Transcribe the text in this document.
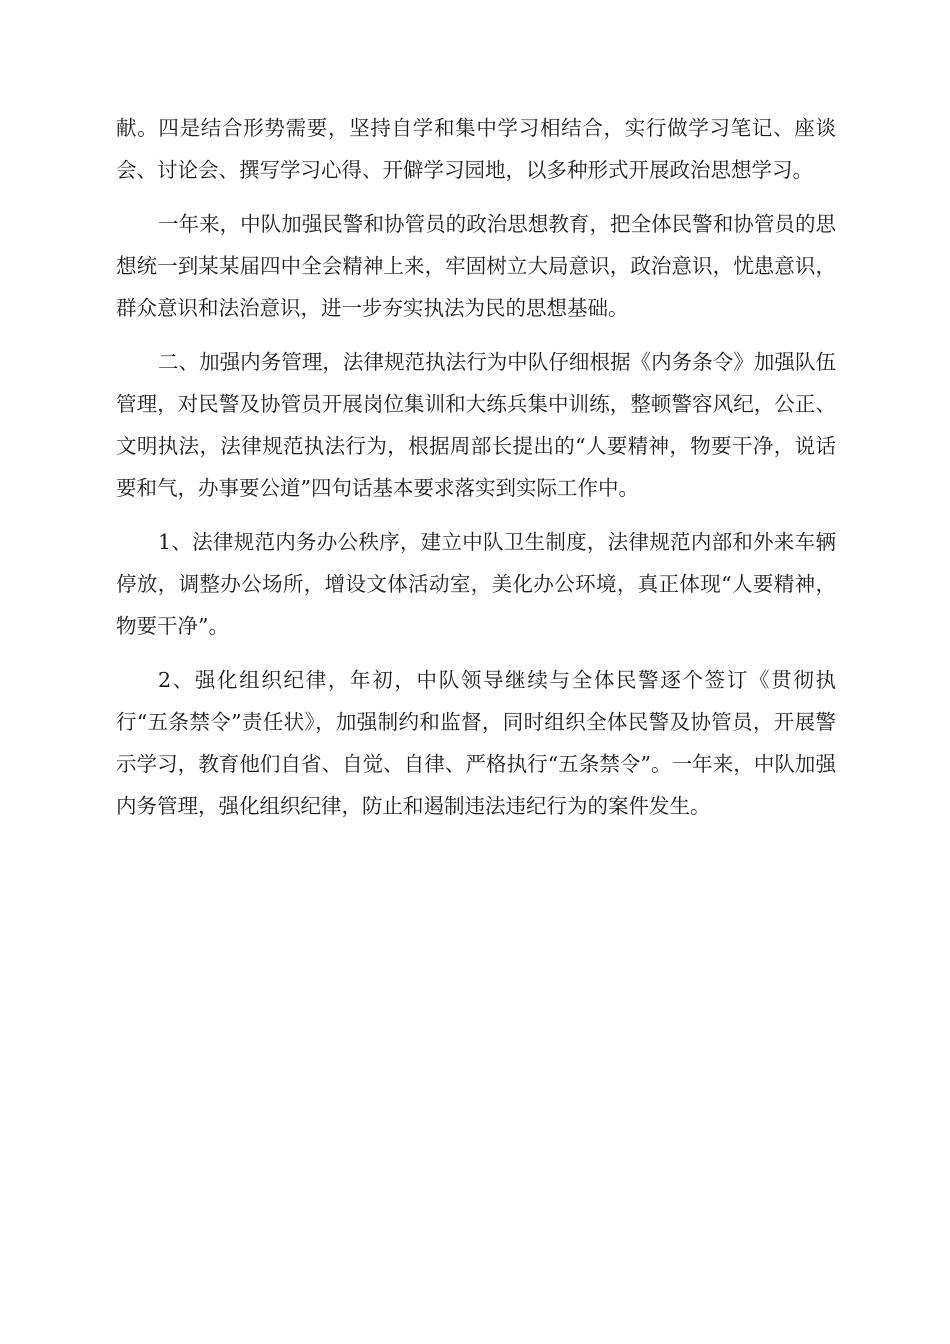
献。四是结合形势需要，坚持自学和集中学习相结合，实行做学习笔记、座谈会、讨论会、撰写学习心得、开僻学习园地，以多种形式开展政治思想学习。

一年来，中队加强民警和协管员的政治思想教育，把全体民警和协管员的思想统一到某某届四中全会精神上来，牢固树立大局意识，政治意识，忧患意识，群众意识和法治意识，进一步夯实执法为民的思想基础。

二、加强内务管理，法律规范执法行为中队仔细根据《内务条令》加强队伍管理，对民警及协管员开展岗位集训和大练兵集中训练，整顿警容风纪，公正、文明执法，法律规范执法行为，根据周部长提出的“人要精神，物要干净，说话要和气，办事要公道”四句话基本要求落实到实际工作中。

1、法律规范内务办公秩序，建立中队卫生制度，法律规范内部和外来车辆停放，调整办公场所，增设文体活动室，美化办公环境，真正体现“人要精神，物要干净”。

2、强化组织纪律，年初，中队领导继续与全体民警逐个签订《贯彻执行“五条禁令”责任状》，加强制约和监督，同时组织全体民警及协管员，开展警示学习，教育他们自省、自觉、自律、严格执行“五条禁令”。一年来，中队加强内务管理，强化组织纪律，防止和遏制违法违纪行为的案件发生。
